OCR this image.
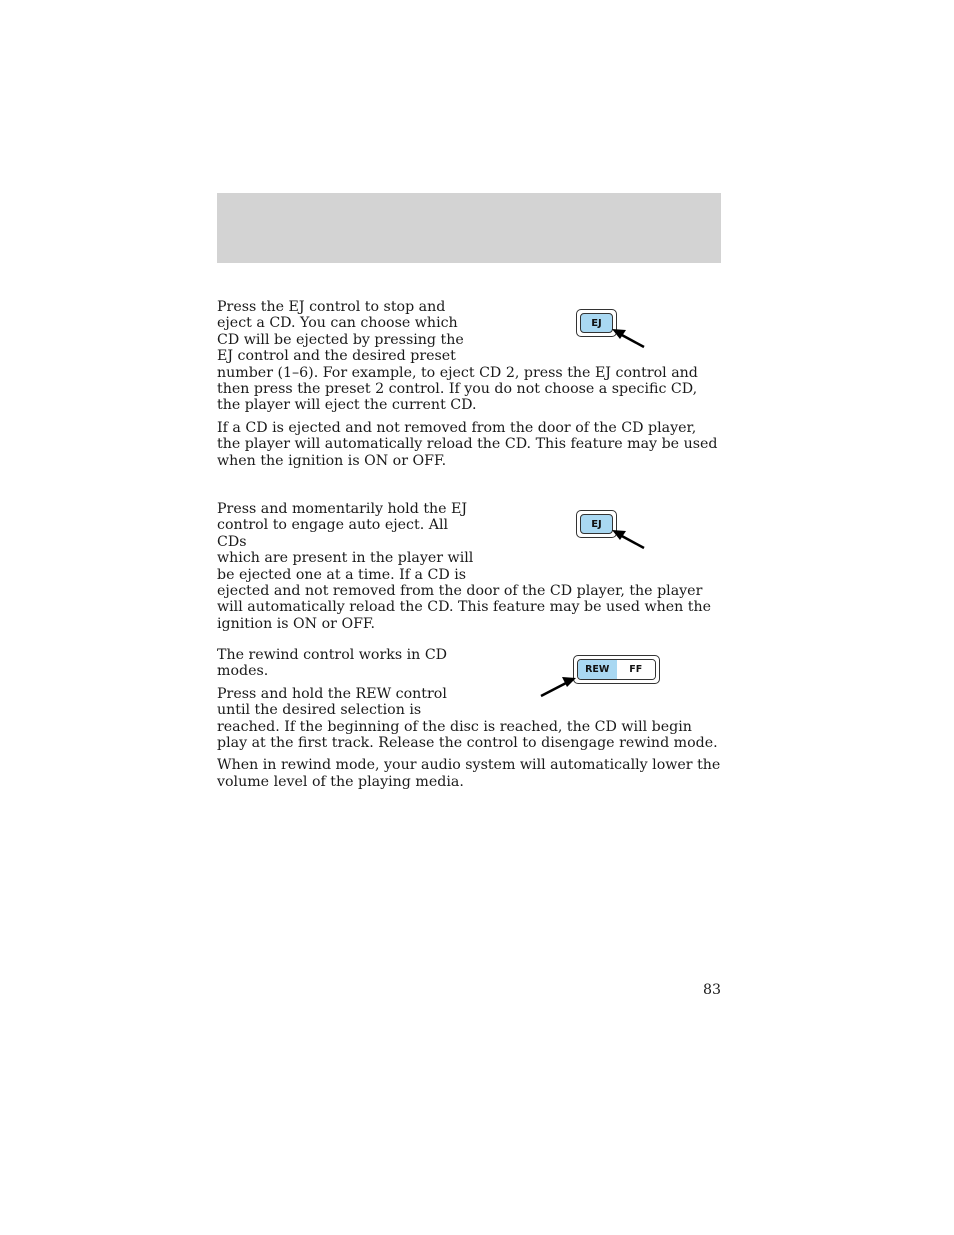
Press the EJ control to stop and
eject a CD. You can choose which
CD will be ejected by pressing the
EJ control and the desired preset

number (1–6). For example, to eject CD 2, press the EJ control and then press the preset 2 control. If you do not choose a specific CD, the player will eject the current CD.

If a CD is ejected and not removed from the door of the CD player, the player will automatically reload the CD. This feature may be used when the ignition is ON or OFF.

EJ
Press and momentarily hold the EJ
control to engage auto eject. All CDs
which are present in the player will
be ejected one at a time. If a CD is

ejected and not removed from the door of the CD player, the player will automatically reload the CD. This feature may be used when the ignition is ON or OFF.

EJ
The rewind control works in CD
modes.
Press and hold the REW control
until the desired selection is

reached. If the beginning of the disc is reached, the CD will begin play at the first track. Release the control to disengage rewind mode.

When in rewind mode, your audio system will automatically lower the volume level of the playing media.

REW	FF
83
